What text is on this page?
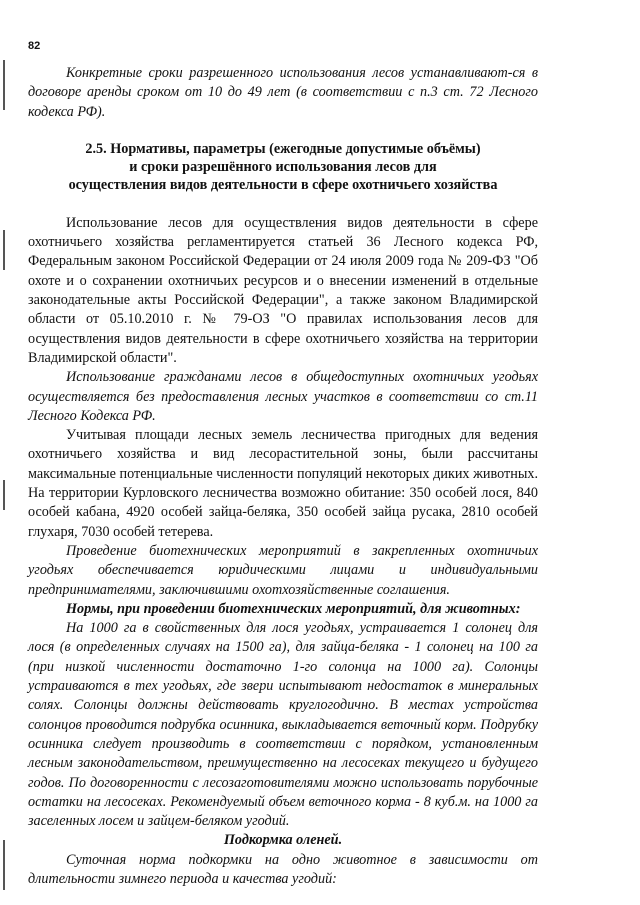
82

Конкретные сроки разрешенного использования лесов устанавливают-ся в договоре аренды сроком от 10 до 49 лет (в соответствии с п.3 ст. 72 Лесного кодекса РФ).

2.5. Нормативы, параметры (ежегодные допустимые объёмы)
и сроки разрешённого использования лесов для
осуществления видов деятельности в сфере охотничьего хозяйства

Использование лесов для осуществления видов деятельности в сфере охотничьего хозяйства регламентируется статьей 36 Лесного кодекса РФ, Федеральным законом Российской Федерации от 24 июля 2009 года № 209-ФЗ "Об охоте и о сохранении охотничьих ресурсов и о внесении изменений в отдельные законодательные акты Российской Федерации", а также законом Владимирской области от 05.10.2010 г. № 79-ОЗ "О правилах использования лесов для осуществления видов деятельности в сфере охотничьего хозяйства на территории Владимирской области".

Использование гражданами лесов в общедоступных охотничьих угодьях осуществляется без предоставления лесных участков в соответствии со ст.11 Лесного Кодекса РФ.

Учитывая площади лесных земель лесничества пригодных для ведения охотничьего хозяйства и вид лесорастительной зоны, были рассчитаны максимальные потенциальные численности популяций некоторых диких животных. На территории Курловского лесничества возможно обитание: 350 особей лося, 840 особей кабана, 4920 особей зайца-беляка, 350 особей зайца русака, 2810 особей глухаря, 7030 особей тетерева.

Проведение биотехнических мероприятий в закрепленных охотничьих угодьях обеспечивается юридическими лицами и индивидуальными предпринимателями, заключившими охотхозяйственные соглашения.

Нормы, при проведении биотехнических мероприятий, для животных:

На 1000 га в свойственных для лося угодьях, устраивается 1 солонец для лося (в определенных случаях на 1500 га), для зайца-беляка - 1 солонец на 100 га (при низкой численности достаточно 1-го солонца на 1000 га). Солонцы устраиваются в тех угодьях, где звери испытывают недостаток в минеральных солях. Солонцы должны действовать круглогодично. В местах устройства солонцов проводится подрубка осинника, выкладывается веточный корм. Подрубку осинника следует производить в соответствии с порядком, установленным лесным законодательством, преимущественно на лесосеках текущего и будущего годов. По договоренности с лесозаготовителями можно использовать порубочные остатки на лесосеках. Рекомендуемый объем веточного корма - 8 куб.м. на 1000 га заселенных лосем и зайцем-беляком угодий.

Подкормка оленей.

Суточная норма подкормки на одно животное в зависимости от длительности зимнего периода и качества угодий:
